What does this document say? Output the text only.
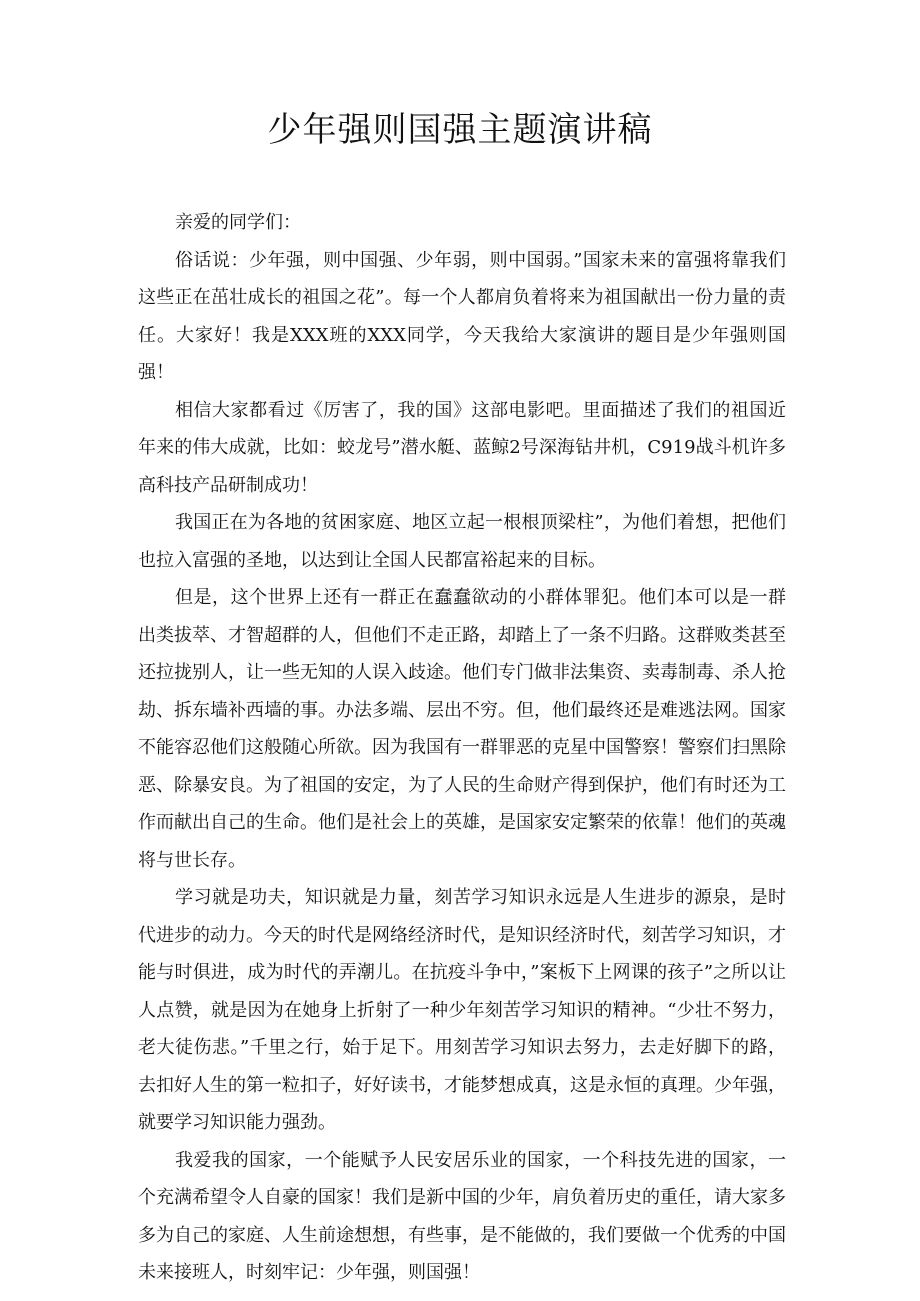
少年强则国强主题演讲稿

亲爱的同学们：

俗话说：少年强，则中国强、少年弱，则中国弱。”国家未来的富强将靠我们这些正在茁壮成长的祖国之花”。每一个人都肩负着将来为祖国献出一份力量的责任。大家好！我是XXX班的XXX同学，今天我给大家演讲的题目是少年强则国强！

相信大家都看过《厉害了，我的国》这部电影吧。里面描述了我们的祖国近年来的伟大成就，比如：蛟龙号”潜水艇、蓝鲸2号深海钻井机，C919战斗机许多高科技产品研制成功！

我国正在为各地的贫困家庭、地区立起一根根顶梁柱”，为他们着想，把他们也拉入富强的圣地，以达到让全国人民都富裕起来的目标。

但是，这个世界上还有一群正在蠢蠢欲动的小群体罪犯。他们本可以是一群出类拔萃、才智超群的人，但他们不走正路，却踏上了一条不归路。这群败类甚至还拉拢别人，让一些无知的人误入歧途。他们专门做非法集资、卖毒制毒、杀人抢劫、拆东墙补西墙的事。办法多端、层出不穷。但，他们最终还是难逃法网。国家不能容忍他们这般随心所欲。因为我国有一群罪恶的克星中国警察！警察们扫黑除恶、除暴安良。为了祖国的安定，为了人民的生命财产得到保护，他们有时还为工作而献出自己的生命。他们是社会上的英雄，是国家安定繁荣的依靠！他们的英魂将与世长存。

学习就是功夫，知识就是力量，刻苦学习知识永远是人生进步的源泉，是时代进步的动力。今天的时代是网络经济时代，是知识经济时代，刻苦学习知识，才能与时俱进，成为时代的弄潮儿。在抗疫斗争中，”案板下上网课的孩子”之所以让人点赞，就是因为在她身上折射了一种少年刻苦学习知识的精神。“少壮不努力，老大徒伤悲。”千里之行，始于足下。用刻苦学习知识去努力，去走好脚下的路，去扣好人生的第一粒扣子，好好读书，才能梦想成真，这是永恒的真理。少年强，就要学习知识能力强劲。

我爱我的国家，一个能赋予人民安居乐业的国家，一个科技先进的国家，一个充满希望令人自豪的国家！我们是新中国的少年，肩负着历史的重任，请大家多多为自己的家庭、人生前途想想，有些事，是不能做的，我们要做一个优秀的中国未来接班人，时刻牢记：少年强，则国强！
